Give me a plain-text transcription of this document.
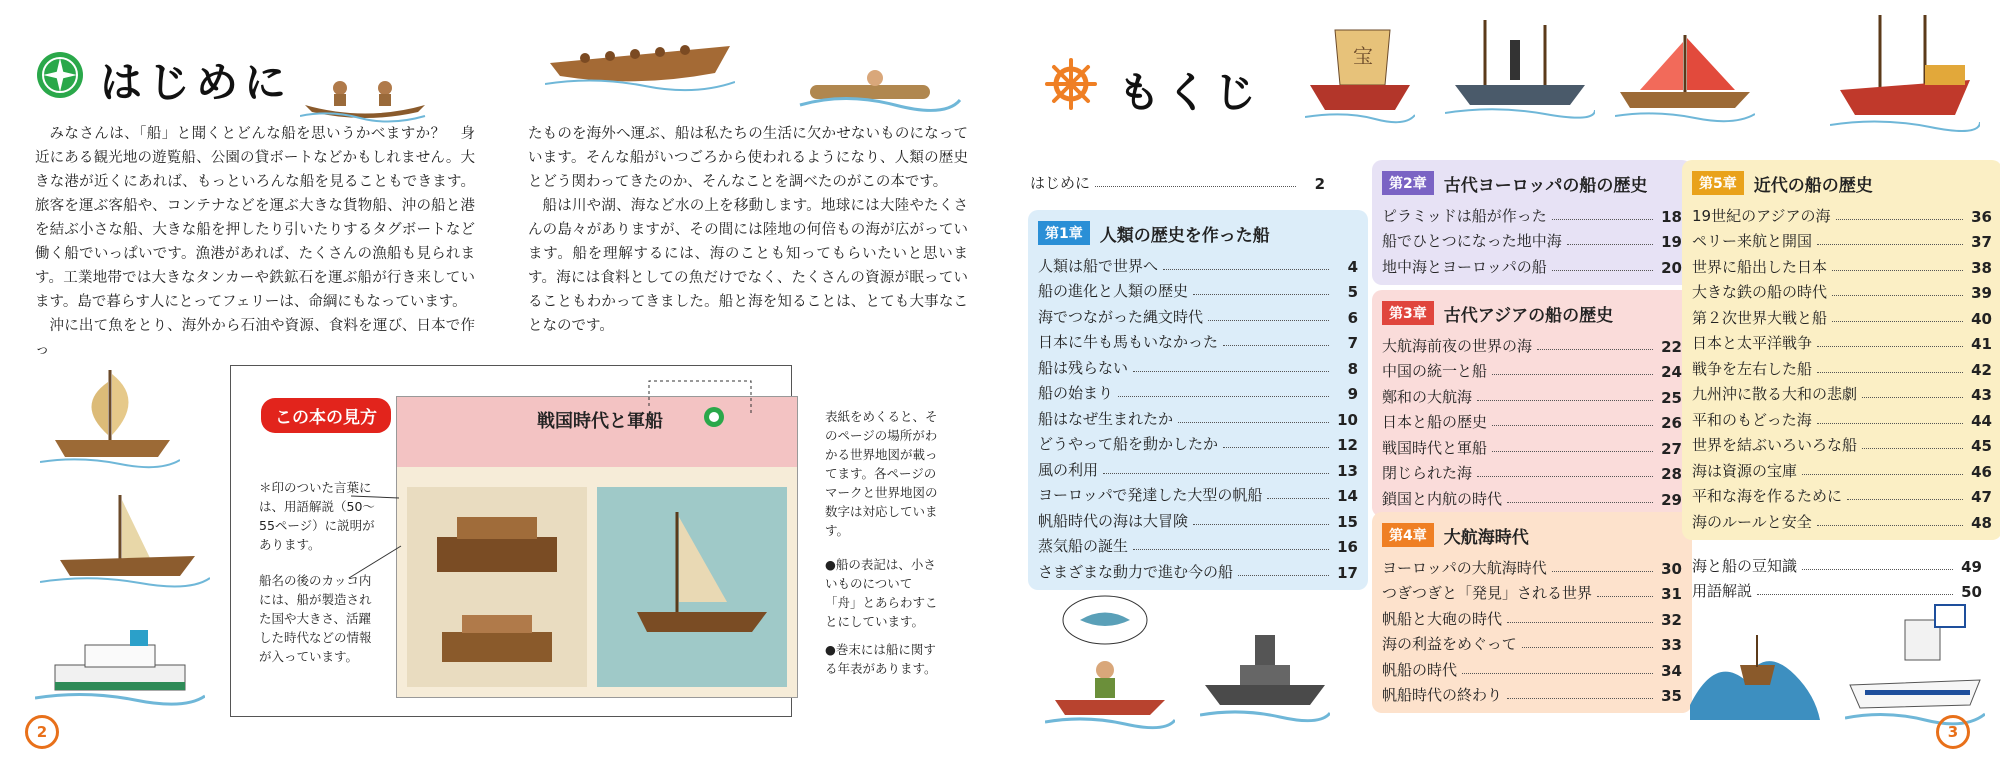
はじめに

みなさんは、「船」と聞くとどんな船を思いうかべますか？　身近にある観光地の遊覧船、公園の貸ボートなどかもしれません。大きな港が近くにあれば、もっといろんな船を見ることもできます。旅客を運ぶ客船や、コンテナなどを運ぶ大きな貨物船、沖の船と港を結ぶ小さな船、大きな船を押したり引いたりするタグボートなど働く船でいっぱいです。漁港があれば、たくさんの漁船も見られます。工業地帯では大きなタンカーや鉄鉱石を運ぶ船が行き来しています。島で暮らす人にとってフェリーは、命綱にもなっています。

沖に出て魚をとり、海外から石油や資源、食料を運び、日本で作っ

たものを海外へ運ぶ、船は私たちの生活に欠かせないものになっています。そんな船がいつごろから使われるようになり、人類の歴史とどう関わってきたのか、そんなことを調べたのがこの本です。

船は川や湖、海など水の上を移動します。地球には大陸やたくさんの島々がありますが、その間には陸地の何倍もの海が広がっています。船を理解するには、海のことも知ってもらいたいと思います。海には食料としての魚だけでなく、たくさんの資源が眠っていることもわかってきました。船と海を知ることは、とても大事なことなのです。

この本の見方
＊印のついた言葉には、用語解説（50〜55ページ）に説明があります。
船名の後のカッコ内には、船が製造された国や大きさ、活躍した時代などの情報が入っています。
戦国時代と軍船	表紙をめくると、そのページの場所がわかる世界地図が載ってます。各ページのマークと世界地図の数字は対応しています。
●船の表記は、小さいものについて「舟」とあらわすことにしています。
●巻末には船に関する年表があります。
2
もくじ
宝
はじめに	2
第1章	人類の歴史を作った船
人類は船で世界へ	4
船の進化と人類の歴史	5
海でつながった縄文時代	6
日本に牛も馬もいなかった	7
船は残らない	8
船の始まり	9
船はなぜ生まれたか	10
どうやって船を動かしたか	12
風の利用	13
ヨーロッパで発達した大型の帆船	14
帆船時代の海は大冒険	15
蒸気船の誕生	16
さまざまな動力で進む今の船	17
第2章	古代ヨーロッパの船の歴史
ピラミッドは船が作った	18
船でひとつになった地中海	19
地中海とヨーロッパの船	20
第3章	古代アジアの船の歴史
大航海前夜の世界の海	22
中国の統一と船	24
鄭和の大航海	25
日本と船の歴史	26
戦国時代と軍船	27
閉じられた海	28
鎖国と内航の時代	29
第4章	大航海時代
ヨーロッパの大航海時代	30
つぎつぎと「発見」される世界	31
帆船と大砲の時代	32
海の利益をめぐって	33
帆船の時代	34
帆船時代の終わり	35
第5章	近代の船の歴史
19世紀のアジアの海	36
ペリー来航と開国	37
世界に船出した日本	38
大きな鉄の船の時代	39
第２次世界大戦と船	40
日本と太平洋戦争	41
戦争を左右した船	42
九州沖に散る大和の悲劇	43
平和のもどった海	44
世界を結ぶいろいろな船	45
海は資源の宝庫	46
平和な海を作るために	47
海のルールと安全	48
海と船の豆知識	49
用語解説	50
3
